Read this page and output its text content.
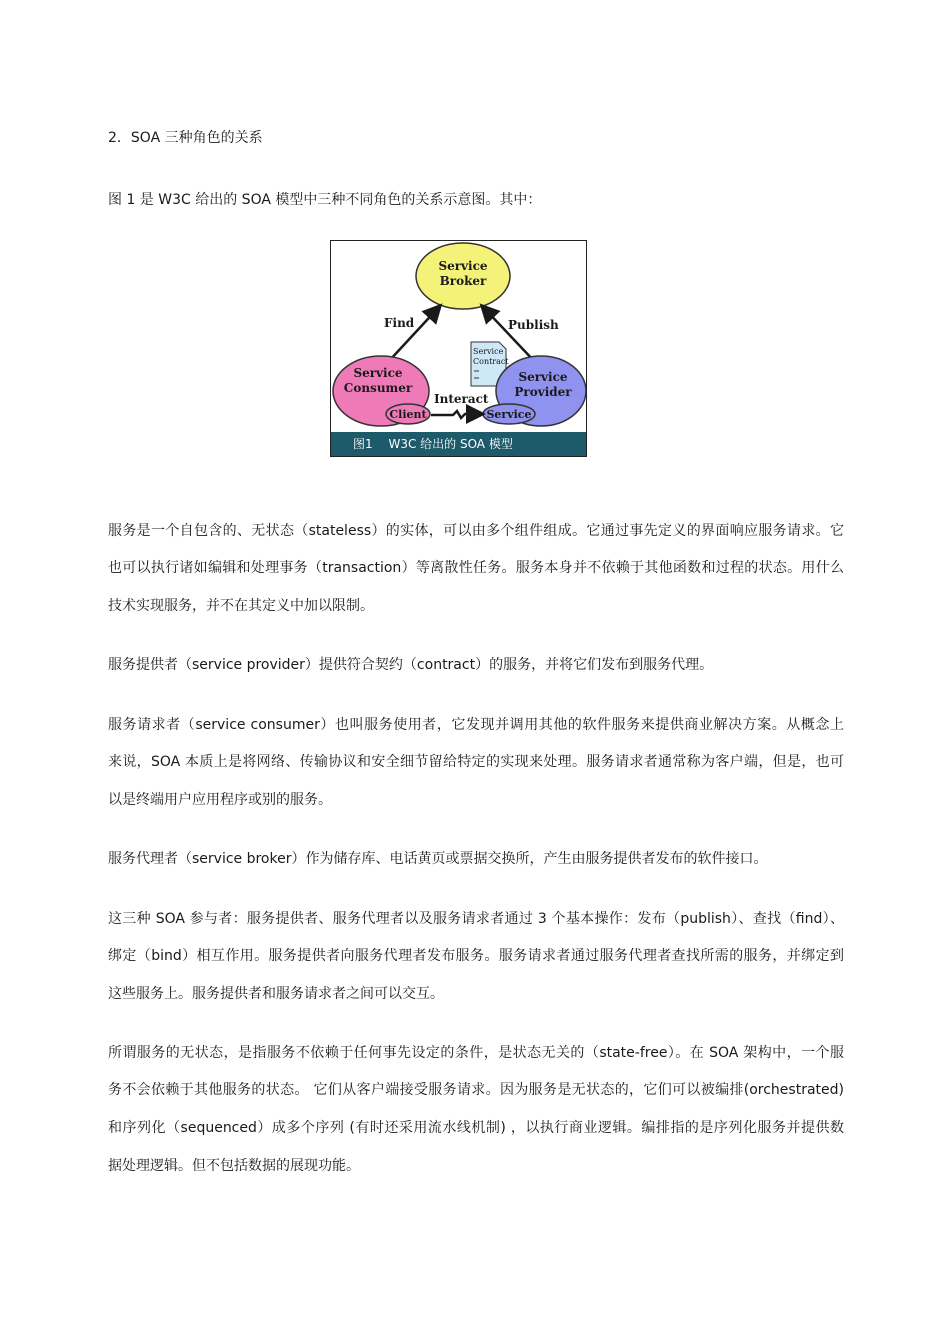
2．SOA 三种角色的关系
图 1 是 W3C 给出的 SOA 模型中三种不同角色的关系示意图。其中：
Service
Broker
Find	Publish
Service
Contract
Service
Consumer
Client
Service
Provider
Service
Interact
图1　 W3C 给出的 SOA 模型
服务是一个自包含的、无状态（stateless）的实体，可以由多个组件组成。它通过事先定义的界面响应服务请求。它
也可以执行诸如编辑和处理事务（transaction）等离散性任务。服务本身并不依赖于其他函数和过程的状态。用什么
技术实现服务，并不在其定义中加以限制。
服务提供者（service provider）提供符合契约（contract）的服务，并将它们发布到服务代理。
服务请求者（service consumer）也叫服务使用者，它发现并调用其他的软件服务来提供商业解决方案。从概念上
来说，SOA 本质上是将网络、传输协议和安全细节留给特定的实现来处理。服务请求者通常称为客户端，但是，也可
以是终端用户应用程序或别的服务。
服务代理者（service broker）作为储存库、电话黄页或票据交换所，产生由服务提供者发布的软件接口。
这三种 SOA 参与者：服务提供者、服务代理者以及服务请求者通过 3 个基本操作：发布（publish）、查找（find）、
绑定（bind）相互作用。服务提供者向服务代理者发布服务。服务请求者通过服务代理者查找所需的服务，并绑定到
这些服务上。服务提供者和服务请求者之间可以交互。
所谓服务的无状态，是指服务不依赖于任何事先设定的条件，是状态无关的（state-free）。在 SOA 架构中，一个服
务不会依赖于其他服务的状态。 它们从客户端接受服务请求。因为服务是无状态的，它们可以被编排(orchestrated)
和序列化（sequenced）成多个序列 (有时还采用流水线机制) ，以执行商业逻辑。编排指的是序列化服务并提供数
据处理逻辑。但不包括数据的展现功能。
